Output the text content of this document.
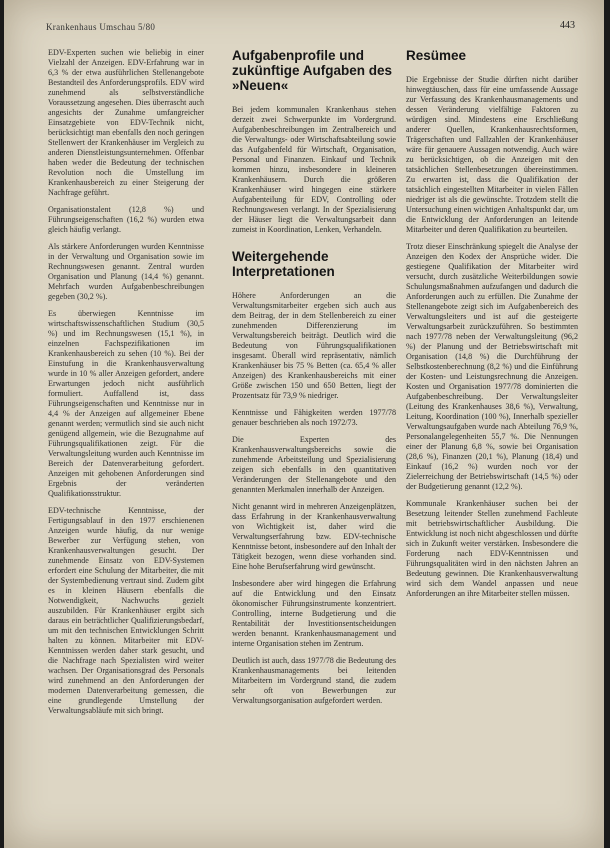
Krankenhaus Umschau 5/80	443

EDV-Experten suchen wie beliebig in einer Vielzahl der Anzeigen. EDV-Erfahrung war in 6,3 % der etwa ausführlichen Stellenangebote Bestandteil des Anforderungsprofils. EDV wird zunehmend als selbstverständliche Voraussetzung angesehen. Dies überrascht auch angesichts der Zunahme umfangreicher Einsatzgebiete von EDV-Technik nicht, berücksichtigt man ebenfalls den noch geringen Stellenwert der Krankenhäuser im Vergleich zu anderen Dienstleistungsunternehmen. Offenbar haben weder die Bedeutung der technischen Revolution noch die Umstellung im Krankenhausbereich zu einer Steigerung der Nachfrage geführt.

Organisationstalent (12,8 %) und Führungseigenschaften (16,2 %) wurden etwa gleich häufig verlangt.

Als stärkere Anforderungen wurden Kenntnisse in der Verwaltung und Organisation sowie im Rechnungswesen genannt. Zentral wurden Organisation und Planung (14,4 %) genannt. Mehrfach wurden Aufgabenbeschreibungen gegeben (30,2 %).

Es überwiegen Kenntnisse im wirtschaftswissenschaftlichen Studium (30,5 %) und im Rechnungswesen (15,1 %), in einzelnen Fachspezifikationen im Krankenhausbereich zu sehen (10 %). Bei der Einstufung in die Krankenhausverwaltung wurde in 10 % aller Anzeigen gefordert, andere Erwartungen jedoch nicht ausführlich formuliert. Auffallend ist, dass Führungseigenschaften und Kenntnisse nur in 4,4 % der Anzeigen auf allgemeiner Ebene genannt werden; vermutlich sind sie auch nicht genügend allgemein, wie die Bezugnahme auf Führungsqualifikationen zeigt. Für die Verwaltungsleitung wurden auch Kenntnisse im Bereich der Datenverarbeitung gefordert. Anzeigen mit gehobenen Anforderungen sind Ergebnis der veränderten Qualifikationsstruktur.

EDV-technische Kenntnisse, der Fertigungsablauf in den 1977 erschienenen Anzeigen wurde häufig, da nur wenige Bewerber zur Verfügung stehen, von Krankenhausverwaltungen gesucht. Der zunehmende Einsatz von EDV-Systemen erfordert eine Schulung der Mitarbeiter, die mit der Systembedienung vertraut sind. Zudem gibt es in kleinen Häusern ebenfalls die Notwendigkeit, Nachwuchs gezielt auszubilden. Für Krankenhäuser ergibt sich daraus ein beträchtlicher Qualifizierungsbedarf, um mit den technischen Entwicklungen Schritt halten zu können. Mitarbeiter mit EDV-Kenntnissen werden daher stark gesucht, und die Nachfrage nach Spezialisten wird weiter wachsen. Der Organisationsgrad des Personals wird zunehmend an den Anforderungen der modernen Datenverarbeitung gemessen, die eine grundlegende Umstellung der Verwaltungsabläufe mit sich bringt.

Aufgabenprofile und zukünftige Aufgaben des »Neuen«

Bei jedem kommunalen Krankenhaus stehen derzeit zwei Schwerpunkte im Vordergrund. Aufgabenbeschreibungen im Zentralbereich und die Verwaltungs- oder Wirtschaftsabteilung sowie das Aufgabenfeld für Wirtschaft, Organisation, Personal und Finanzen. Einkauf und Technik kommen hinzu, insbesondere in kleineren Krankenhäusern. Durch die größeren Krankenhäuser wird hingegen eine stärkere Aufgabenteilung für EDV, Controlling oder Rechnungswesen verlangt. In der Spezialisierung der Häuser liegt die Verwaltungsarbeit dann zumeist in Koordination, Lenken, Verhandeln.

Weitergehende Interpretationen

Höhere Anforderungen an die Verwaltungsmitarbeiter ergeben sich auch aus dem Beitrag, der in dem Stellenbereich zu einer zunehmenden Differenzierung im Verwaltungsbereich beiträgt. Deutlich wird die Bedeutung von Führungsqualifikationen insgesamt. Überall wird repräsentativ, nämlich Krankenhäuser bis 75 % Betten (ca. 65,4 % aller Anzeigen) des Krankenhausbereichs mit einer Größe zwischen 150 und 650 Betten, liegt der Prozentsatz für 73,9 % niedriger.

Kenntnisse und Fähigkeiten werden 1977/78 genauer beschrieben als noch 1972/73.

Die Experten des Krankenhausverwaltungsbereichs sowie die zunehmende Arbeitsteilung und Spezialisierung zeigen sich ebenfalls in den quantitativen Veränderungen der Stellenangebote und den genannten Merkmalen innerhalb der Anzeigen.

Nicht genannt wird in mehreren Anzeigenplätzen, dass Erfahrung in der Krankenhausverwaltung von Wichtigkeit ist, daher wird die Verwaltungserfahrung bzw. EDV-technische Kenntnisse betont, insbesondere auf den Inhalt der Tätigkeit bezogen, wenn diese vorhanden sind. Eine hohe Berufserfahrung wird gewünscht.

Insbesondere aber wird hingegen die Erfahrung auf die Entwicklung und den Einsatz ökonomischer Führungsinstrumente konzentriert. Controlling, interne Budgetierung und die Rentabilität der Investitionsentscheidungen werden benannt. Krankenhausmanagement und interne Organisation stehen im Zentrum.

Deutlich ist auch, dass 1977/78 die Bedeutung des Krankenhausmanagements bei leitenden Mitarbeitern im Vordergrund stand, die zudem sehr oft von Bewerbungen zur Verwaltungsorganisation aufgefordert werden.

Resümee

Die Ergebnisse der Studie dürften nicht darüber hinwegtäuschen, dass für eine umfassende Aussage zur Verfassung des Krankenhausmanagements und dessen Veränderung vielfältige Faktoren zu würdigen sind. Mindestens eine Erschließung anderer Quellen, Krankenhausrechtsformen, Trägerschaften und Fallzahlen der Krankenhäuser wäre für genauere Aussagen notwendig. Auch wäre zu berücksichtigen, ob die Anzeigen mit den tatsächlichen Stellenbesetzungen übereinstimmen. Zu erwarten ist, dass die Qualifikation der tatsächlich eingestellten Mitarbeiter in vielen Fällen niedriger ist als die gewünschte. Trotzdem stellt die Untersuchung einen wichtigen Anhaltspunkt dar, um die Entwicklung der Anforderungen an leitende Mitarbeiter und deren Qualifikation zu beurteilen.

Trotz dieser Einschränkung spiegelt die Analyse der Anzeigen den Kodex der Ansprüche wider. Die gestiegene Qualifikation der Mitarbeiter wird versucht, durch zusätzliche Weiterbildungen sowie Schulungsmaßnahmen aufzufangen und dadurch die Anforderungen auch zu erfüllen. Die Zunahme der Stellenangebote zeigt sich im Aufgabenbereich des Verwaltungsleiters und ist auf die gesteigerte Verwaltungsarbeit zurückzuführen. So bestimmten nach 1977/78 neben der Verwaltungsleitung (96,2 %) der Planung und der Betriebswirtschaft mit Organisation (14,8 %) die Durchführung der Selbstkostenberechnung (8,2 %) und die Einführung der Kosten- und Leistungsrechnung die Anzeigen. Kosten und Organisation 1977/78 dominierten die Aufgabenbeschreibung. Der Verwaltungsleiter (Leitung des Krankenhauses 38,6 %), Verwaltung, Leitung, Koordination (100 %), Innerhalb spezieller Verwaltungsaufgaben wurde nach Abteilung 76,9 %, Personalangelegenheiten 55,7 %. Die Nennungen einer der Planung 6,8 %, sowie bei Organisation (28,6 %), Finanzen (20,1 %), Planung (18,4) und Einkauf (16,2 %) wurden noch vor der Zielerreichung der Betriebswirtschaft (14,5 %) oder der Budgetierung genannt (12,2 %).

Kommunale Krankenhäuser suchen bei der Besetzung leitender Stellen zunehmend Fachleute mit betriebswirtschaftlicher Ausbildung. Die Entwicklung ist noch nicht abgeschlossen und dürfte sich in Zukunft weiter verstärken. Insbesondere die Forderung nach EDV-Kenntnissen und Führungsqualitäten wird in den nächsten Jahren an Bedeutung gewinnen. Die Krankenhausverwaltung wird sich dem Wandel anpassen und neue Anforderungen an ihre Mitarbeiter stellen müssen.
